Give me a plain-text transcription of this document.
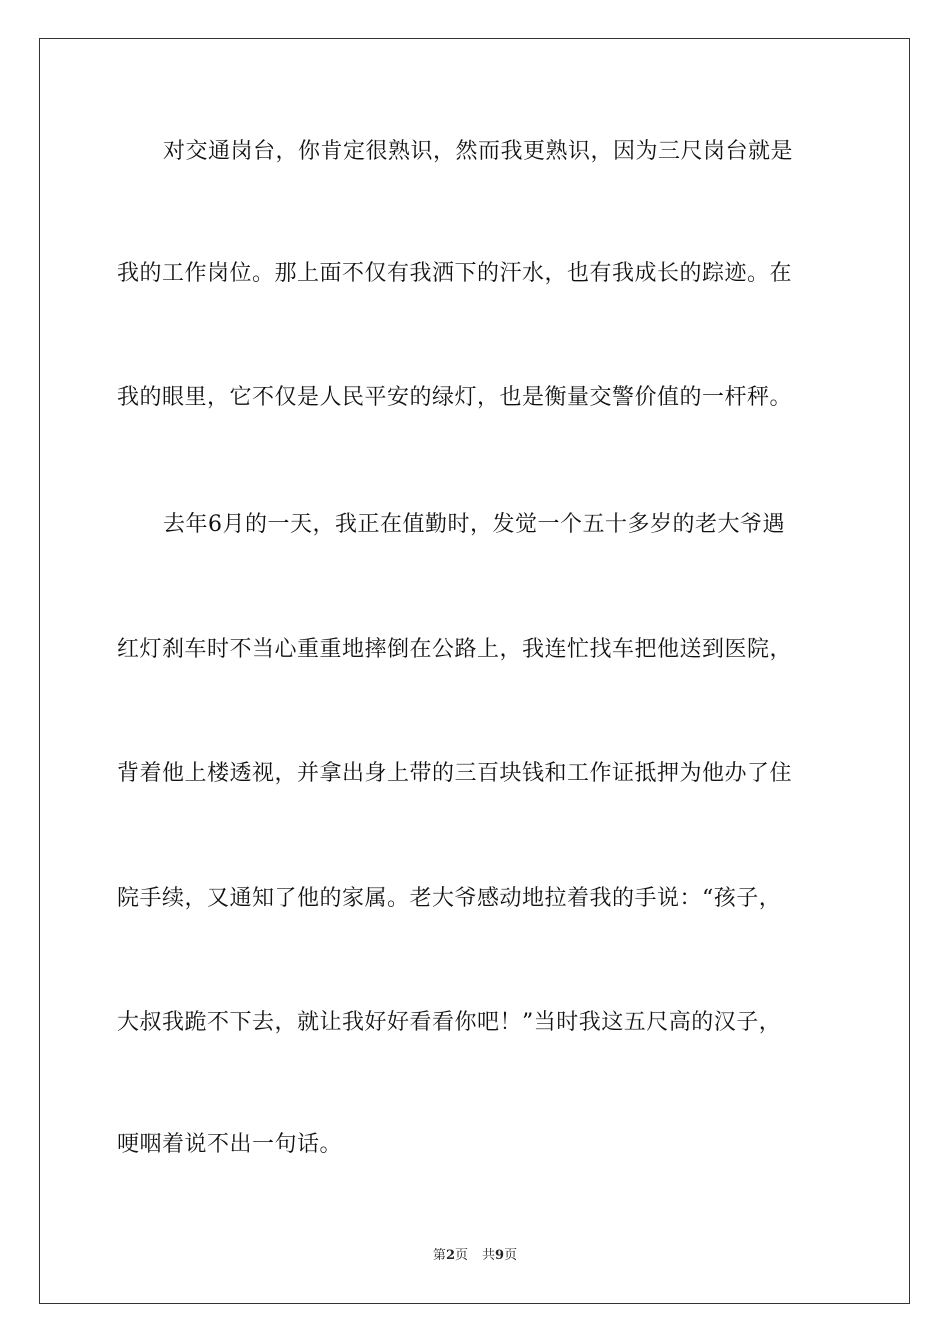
对交通岗台，你肯定很熟识，然而我更熟识，因为三尺岗台就是
我的工作岗位。那上面不仅有我洒下的汗水，也有我成长的踪迹。在
我的眼里，它不仅是人民平安的绿灯，也是衡量交警价值的一杆秤。
去年6月的一天，我正在值勤时，发觉一个五十多岁的老大爷遇
红灯刹车时不当心重重地摔倒在公路上，我连忙找车把他送到医院，
背着他上楼透视，并拿出身上带的三百块钱和工作证抵押为他办了住
院手续，又通知了他的家属。老大爷感动地拉着我的手说：“孩子，
大叔我跪不下去，就让我好好看看你吧！”当时我这五尺高的汉子，
哽咽着说不出一句话。
第2页 共9页
